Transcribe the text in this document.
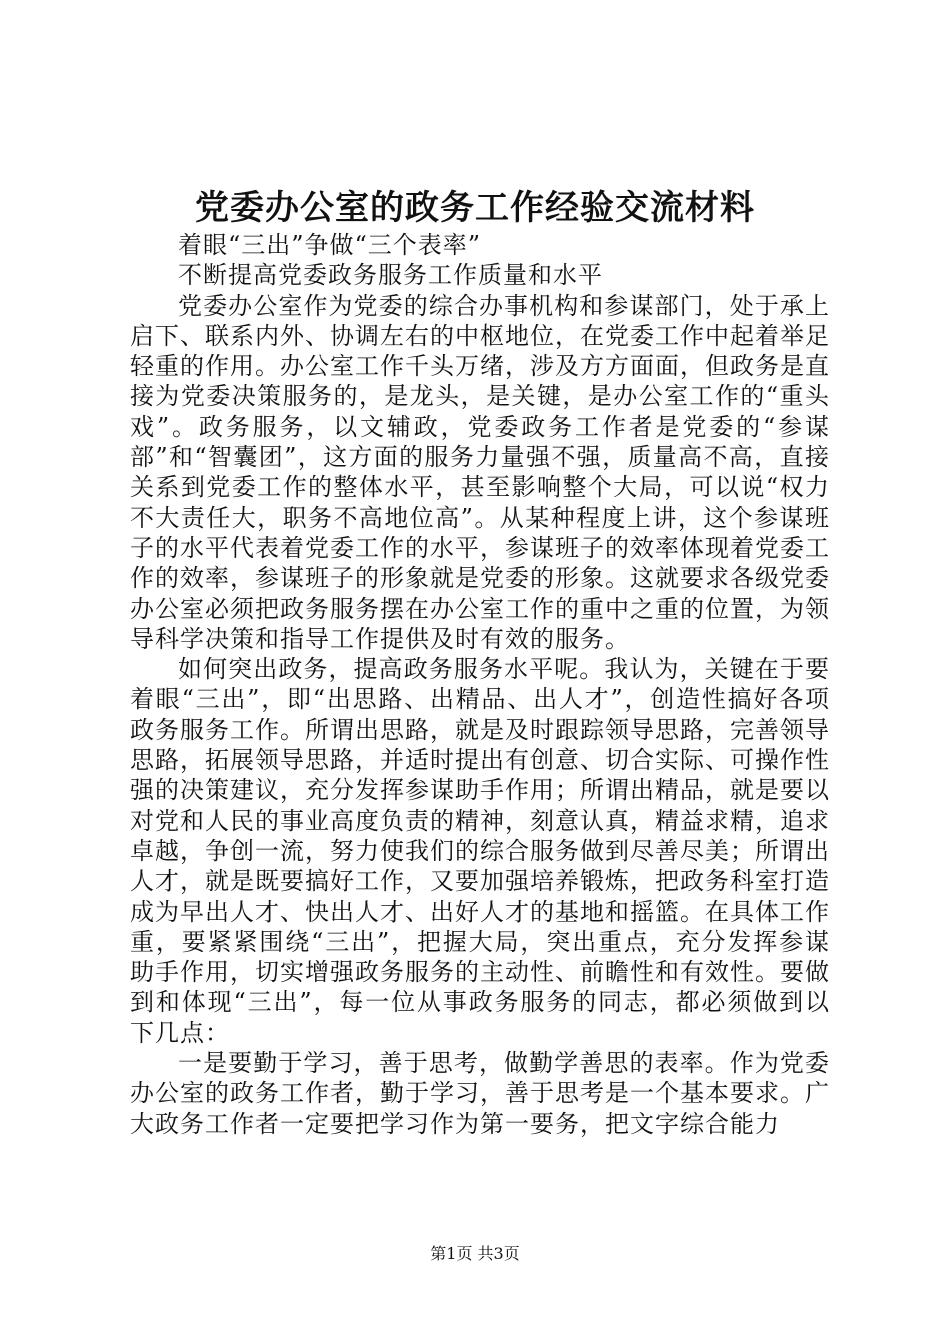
党委办公室的政务工作经验交流材料

着眼“三出”争做“三个表率”

不断提高党委政务服务工作质量和水平

党委办公室作为党委的综合办事机构和参谋部门，处于承上启下、联系内外、协调左右的中枢地位，在党委工作中起着举足轻重的作用。办公室工作千头万绪，涉及方方面面，但政务是直接为党委决策服务的，是龙头，是关键，是办公室工作的“重头戏”。政务服务，以文辅政，党委政务工作者是党委的“参谋部”和“智囊团”，这方面的服务力量强不强，质量高不高，直接关系到党委工作的整体水平，甚至影响整个大局，可以说“权力不大责任大，职务不高地位高”。从某种程度上讲，这个参谋班子的水平代表着党委工作的水平，参谋班子的效率体现着党委工作的效率，参谋班子的形象就是党委的形象。这就要求各级党委办公室必须把政务服务摆在办公室工作的重中之重的位置，为领导科学决策和指导工作提供及时有效的服务。

如何突出政务，提高政务服务水平呢。我认为，关键在于要着眼“三出”，即“出思路、出精品、出人才”，创造性搞好各项政务服务工作。所谓出思路，就是及时跟踪领导思路，完善领导思路，拓展领导思路，并适时提出有创意、切合实际、可操作性强的决策建议，充分发挥参谋助手作用；所谓出精品，就是要以对党和人民的事业高度负责的精神，刻意认真，精益求精，追求卓越，争创一流，努力使我们的综合服务做到尽善尽美；所谓出人才，就是既要搞好工作，又要加强培养锻炼，把政务科室打造成为早出人才、快出人才、出好人才的基地和摇篮。在具体工作重，要紧紧围绕“三出”，把握大局，突出重点，充分发挥参谋助手作用，切实增强政务服务的主动性、前瞻性和有效性。要做到和体现“三出”，每一位从事政务服务的同志，都必须做到以下几点：

一是要勤于学习，善于思考，做勤学善思的表率。作为党委办公室的政务工作者，勤于学习，善于思考是一个基本要求。广大政务工作者一定要把学习作为第一要务，把文字综合能力

第1页 共3页
